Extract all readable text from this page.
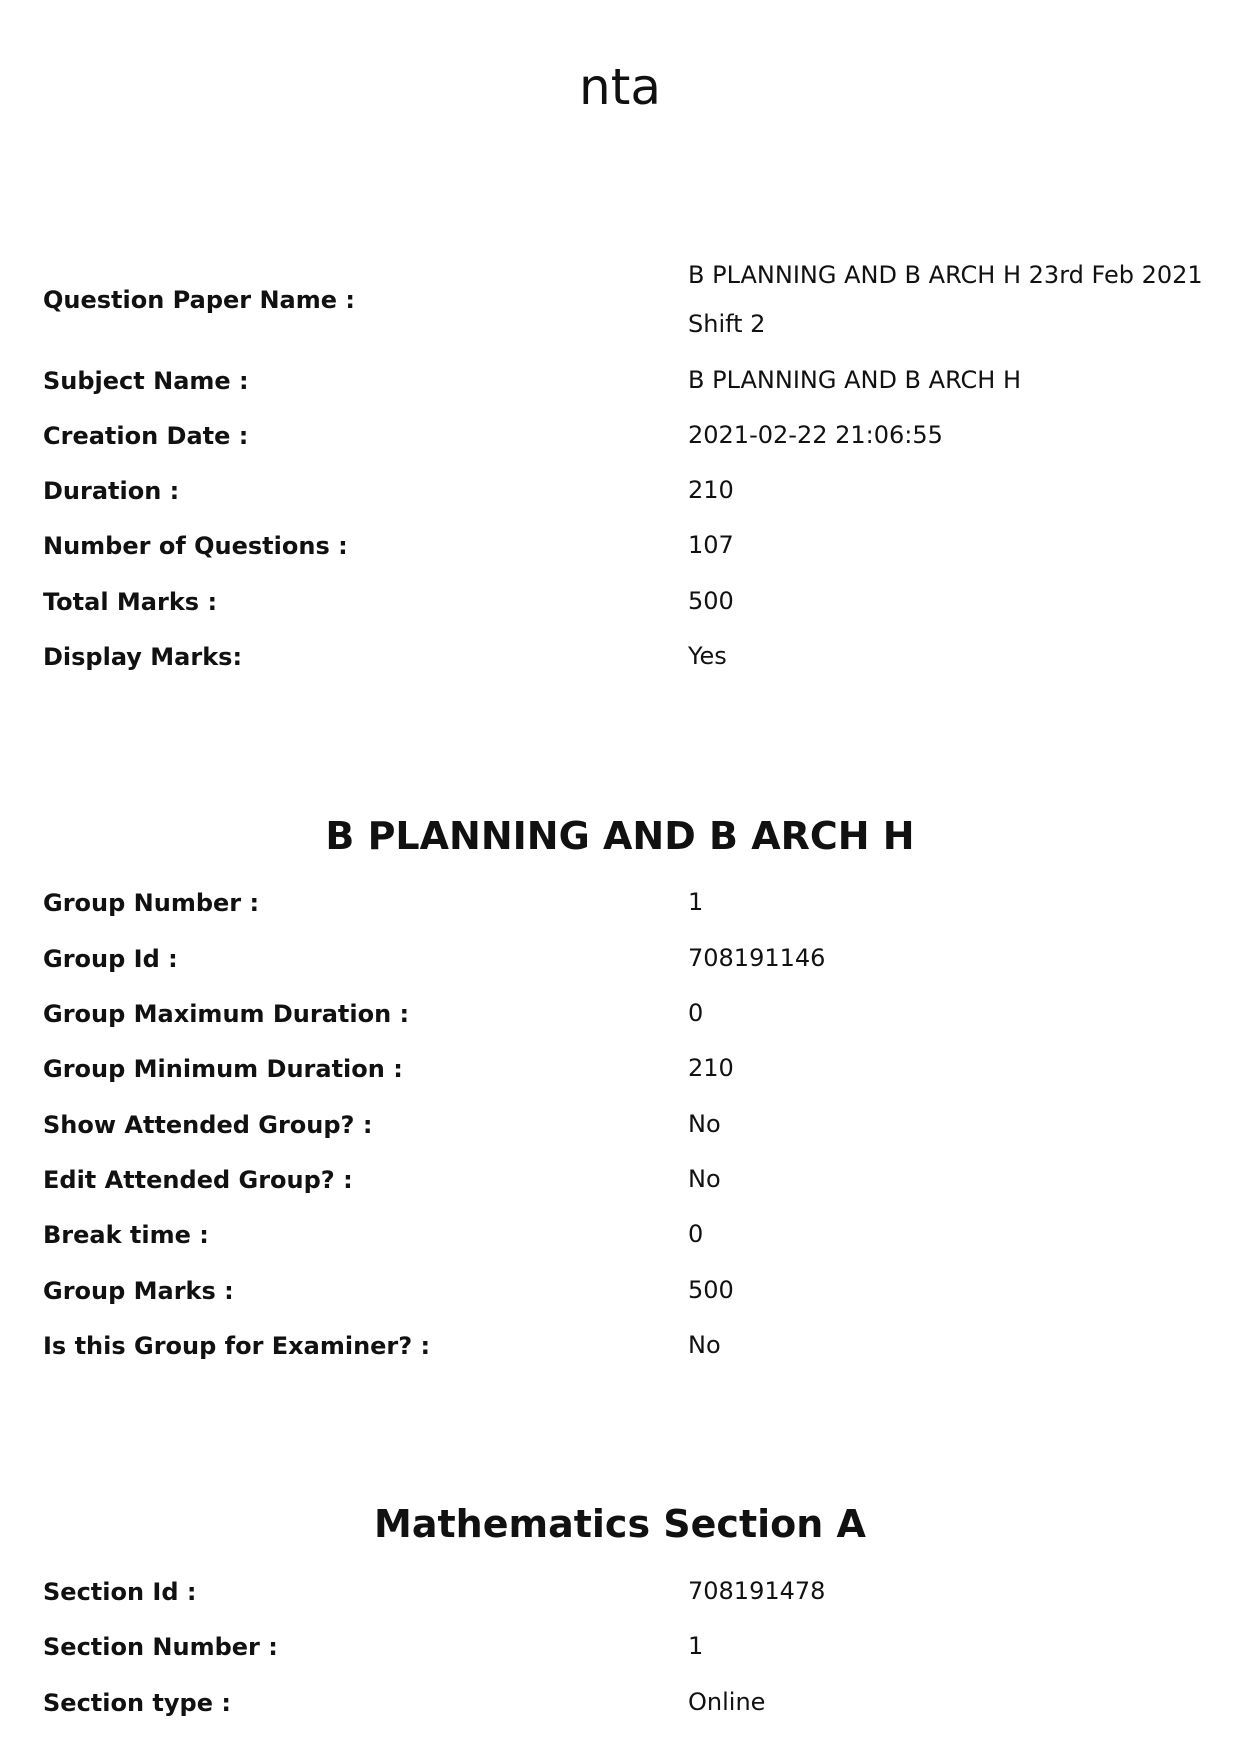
nta
Question Paper Name :
B PLANNING AND B ARCH H 23rd Feb 2021 Shift 2
Subject Name :	B PLANNING AND B ARCH H
Creation Date :	2021-02-22 21:06:55
Duration :	210
Number of Questions :	107
Total Marks :	500
Display Marks:	Yes
B PLANNING AND B ARCH H
Group Number :	1
Group Id :	708191146
Group Maximum Duration :	0
Group Minimum Duration :	210
Show Attended Group? :	No
Edit Attended Group? :	No
Break time :	0
Group Marks :	500
Is this Group for Examiner? :	No
Mathematics Section A
Section Id :	708191478
Section Number :	1
Section type :	Online
